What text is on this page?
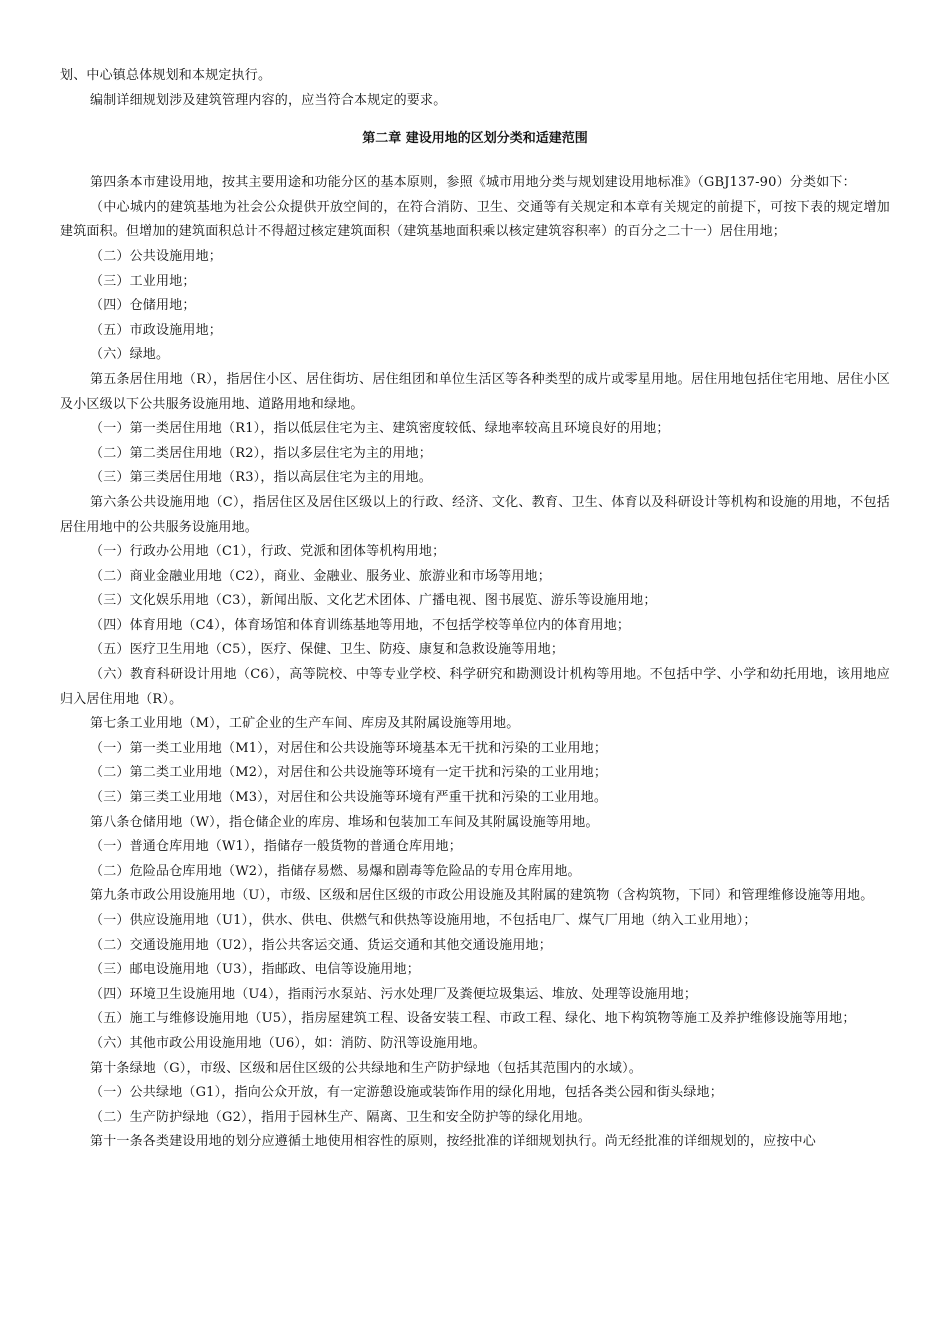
划、中心镇总体规划和本规定执行。

编制详细规划涉及建筑管理内容的，应当符合本规定的要求。

第二章 建设用地的区划分类和适建范围

第四条本市建设用地，按其主要用途和功能分区的基本原则，参照《城市用地分类与规划建设用地标准》（GBJ137-90）分类如下：

（中心城内的建筑基地为社会公众提供开放空间的，在符合消防、卫生、交通等有关规定和本章有关规定的前提下，可按下表的规定增加建筑面积。但增加的建筑面积总计不得超过核定建筑面积（建筑基地面积乘以核定建筑容积率）的百分之二十一）居住用地；

（二）公共设施用地；

（三）工业用地；

（四）仓储用地；

（五）市政设施用地；

（六）绿地。

第五条居住用地（R），指居住小区、居住街坊、居住组团和单位生活区等各种类型的成片或零星用地。居住用地包括住宅用地、居住小区及小区级以下公共服务设施用地、道路用地和绿地。

（一）第一类居住用地（R1），指以低层住宅为主、建筑密度较低、绿地率较高且环境良好的用地；

（二）第二类居住用地（R2），指以多层住宅为主的用地；

（三）第三类居住用地（R3），指以高层住宅为主的用地。

第六条公共设施用地（C），指居住区及居住区级以上的行政、经济、文化、教育、卫生、体育以及科研设计等机构和设施的用地，不包括居住用地中的公共服务设施用地。

（一）行政办公用地（C1），行政、党派和团体等机构用地；

（二）商业金融业用地（C2），商业、金融业、服务业、旅游业和市场等用地；

（三）文化娱乐用地（C3），新闻出版、文化艺术团体、广播电视、图书展览、游乐等设施用地；

（四）体育用地（C4），体育场馆和体育训练基地等用地，不包括学校等单位内的体育用地；

（五）医疗卫生用地（C5），医疗、保健、卫生、防疫、康复和急救设施等用地；

（六）教育科研设计用地（C6），高等院校、中等专业学校、科学研究和勘测设计机构等用地。不包括中学、小学和幼托用地，该用地应归入居住用地（R）。

第七条工业用地（M），工矿企业的生产车间、库房及其附属设施等用地。

（一）第一类工业用地（M1），对居住和公共设施等环境基本无干扰和污染的工业用地；

（二）第二类工业用地（M2），对居住和公共设施等环境有一定干扰和污染的工业用地；

（三）第三类工业用地（M3），对居住和公共设施等环境有严重干扰和污染的工业用地。

第八条仓储用地（W），指仓储企业的库房、堆场和包装加工车间及其附属设施等用地。

（一）普通仓库用地（W1），指储存一般货物的普通仓库用地；

（二）危险品仓库用地（W2），指储存易燃、易爆和剧毒等危险品的专用仓库用地。

第九条市政公用设施用地（U），市级、区级和居住区级的市政公用设施及其附属的建筑物（含构筑物，下同）和管理维修设施等用地。

（一）供应设施用地（U1），供水、供电、供燃气和供热等设施用地，不包括电厂、煤气厂用地（纳入工业用地）；

（二）交通设施用地（U2），指公共客运交通、货运交通和其他交通设施用地；

（三）邮电设施用地（U3），指邮政、电信等设施用地；

（四）环境卫生设施用地（U4），指雨污水泵站、污水处理厂及粪便垃圾集运、堆放、处理等设施用地；

（五）施工与维修设施用地（U5），指房屋建筑工程、设备安装工程、市政工程、绿化、地下构筑物等施工及养护维修设施等用地；

（六）其他市政公用设施用地（U6），如：消防、防汛等设施用地。

第十条绿地（G），市级、区级和居住区级的公共绿地和生产防护绿地（包括其范围内的水域）。

（一）公共绿地（G1），指向公众开放，有一定游憩设施或装饰作用的绿化用地，包括各类公园和街头绿地；

（二）生产防护绿地（G2），指用于园林生产、隔离、卫生和安全防护等的绿化用地。

第十一条各类建设用地的划分应遵循土地使用相容性的原则，按经批准的详细规划执行。尚无经批准的详细规划的，应按中心
